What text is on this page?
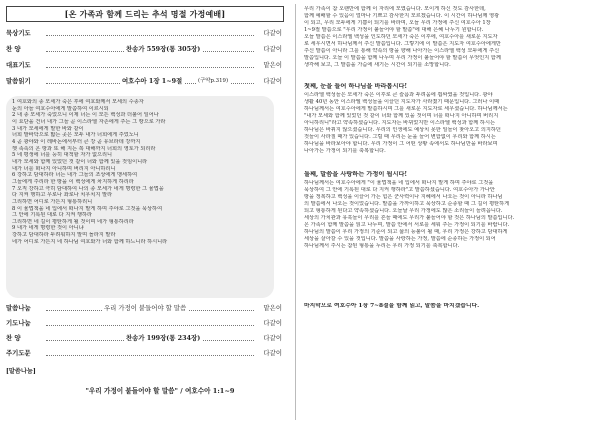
[온 가족과 함께 드리는 추석 명절 가정예배]
묵상기도	다같이
찬 양	찬송가 559장(통 305장)	다같이
대표기도	맡은이
말씀읽기	여호수아 1장 1~9절	(구약p.319)	다같이

1 여호와의 종 모세가 죽은 후에 여호와께서 모세의 수종자

눈의 아들 여호수아에게 말씀하여 이르시되

2 내 종 모세가 죽었으니 이제 너는 이 모든 백성과 더불어 일어나

이 요단을 건너 내가 그들 곧 이스라엘 자손에게 주는 그 땅으로 가라

3 내가 모세에게 말한 바와 같이

너희 발바닥으로 밟는 곳은 모두 내가 너희에게 주었노니

4 곧 광야와 이 레바논에서부터 큰 강 곧 유브라데 강까지

헷 족속의 온 땅과 또 해 지는 쪽 대해까지 너희의 영토가 되리라

5 네 평생에 너를 능히 대적할 자가 없으리니

내가 모세와 함께 있었던 것 같이 너와 함께 있을 것임이니라

내가 너를 떠나지 아니하며 버리지 아니하리니

6 강하고 담대하라 너는 내가 그들의 조상에게 맹세하여

그들에게 주리라 한 땅을 이 백성에게 차지하게 하리라

7 오직 강하고 극히 담대하여 나의 종 모세가 네게 명령한 그 율법을

다 지켜 행하고 우로나 좌로나 치우치지 말라

그리하면 어디로 가든지 형통하리니

8 이 율법책을 네 입에서 떠나지 말게 하며 주야로 그것을 묵상하여

그 안에 기록된 대로 다 지켜 행하라

그리하면 네 길이 평탄하게 될 것이며 네가 형통하리라

9 내가 네게 명령한 것이 아니냐

강하고 담대하라 두려워하지 말며 놀라지 말라

네가 어디로 가든지 네 하나님 여호와가 너와 함께 하느니라 하시니라

말씀나눔	우리 가정이 붙들어야 할 말씀	맡은이
기도나눔	다같이
찬 양	찬송가 199장(통 234장)	다같이
주기도문	다같이
[말씀나눔]
"우리 가정이 붙들어야 할 말씀" / 여호수아 1:1~9

우리 가족이 참 오랜만에 함께 이 자리에 모였습니다. 모이게 하신 것도 감사한데,

함께 예배할 수 있음이 얼마나 기쁘고 감사한지 모르겠습니다. 이 시간이 하나님께 영광

이 되고, 우리 모두에게 기쁨이 되기를 바라며, 오늘 우리 가정에 주신 여호수아 1장

1~9절 말씀으로 "우리 가정이 붙들어야 할 말씀"에 대해 은혜 나누기 원합니다.

오늘 말씀은 이스라엘 백성을 인도하던 모세가 죽은 이후에, 여호수아를 새로운 지도자

로 세우시면서 하나님께서 주신 말씀입니다. 그렇기에 이 말씀은 지도자 여호수아에게만

주신 말씀이 아니라 그를 통해 약속의 땅을 향해 나아가는 이스라엘 백성 모두에게 주신

말씀입니다. 오늘 이 말씀을 함께 나누며 우리 가정이 붙들어야 할 말씀이 무엇인지 함께

생각해 보고, 그 말씀을 가슴에 새기는 시간이 되기를 소망합니다.

첫째, 눈을 들어 하나님을 바라봅시다!

이스라엘 백성들은 모세가 죽은 이후로 큰 슬픔과 두려움에 휩싸였을 것입니다. 광야

생활 40년 동안 이스라엘 백성들을 이끌던 지도자가 사라졌기 때문입니다. 그러나 이때

하나님께서는 여호수아에게 말씀하시며 그를 새로운 지도자로 세우셨습니다. 하나님께서는

"내가 모세와 함께 있었던 것 같이 너와 함께 있을 것이며 너를 떠나지 아니하며 버리지

아니하리니"라고 약속하셨습니다. 지도자는 바뀌었지만 이스라엘 백성과 함께 하시는

하나님은 바뀌지 않으셨습니다. 우리의 인생에도 예상치 못한 일들이 찾아오고 의지하던

것들이 사라질 때가 있습니다. 그럴 때 우리는 눈을 들어 변함없이 우리와 함께 하시는

하나님을 바라보아야 합니다. 우리 가정이 그 어떤 상황 속에서도 하나님만을 바라보며

나아가는 가정이 되기를 축복합니다.

둘째, 말씀을 사랑하는 가정이 됩시다!

하나님께서는 여호수아에게 "이 율법책을 네 입에서 떠나지 말게 하며 주야로 그것을

묵상하여 그 안에 기록된 대로 다 지켜 행하라"고 말씀하셨습니다. 여호수아가 가나안

땅을 정복하고 백성을 이끌어 가는 힘은 군사력이나 지혜에서 나오는 것이 아니라 하나님

의 말씀에서 나오는 것이었습니다. 말씀을 가까이하고 묵상하고 순종할 때 그 길이 평탄하게

되고 형통하게 된다고 약속하셨습니다. 오늘날 우리 가정에도 많은 소리들이 들려옵니다.

세상의 가치관과 유혹들이 우리를 흔들 때에도 우리가 붙들어야 할 것은 하나님의 말씀입니다.

온 가족이 함께 말씀을 읽고 나누며, 말씀 안에서 서로를 세워 주는 가정이 되기를 바랍니다.

하나님의 말씀이 우리 가정의 기준이 되고 삶의 등불이 될 때, 우리 가정은 강하고 담대하게

세상을 살아갈 수 있을 것입니다. 말씀을 사랑하는 가정, 말씀에 순종하는 가정이 되어

하나님께서 주시는 참된 형통을 누리는 우리 가정 되기를 축복합니다.

마지막으로 여호수아 1장 7~8절을 함께 읽고, 말씀을 마치겠습니다.
